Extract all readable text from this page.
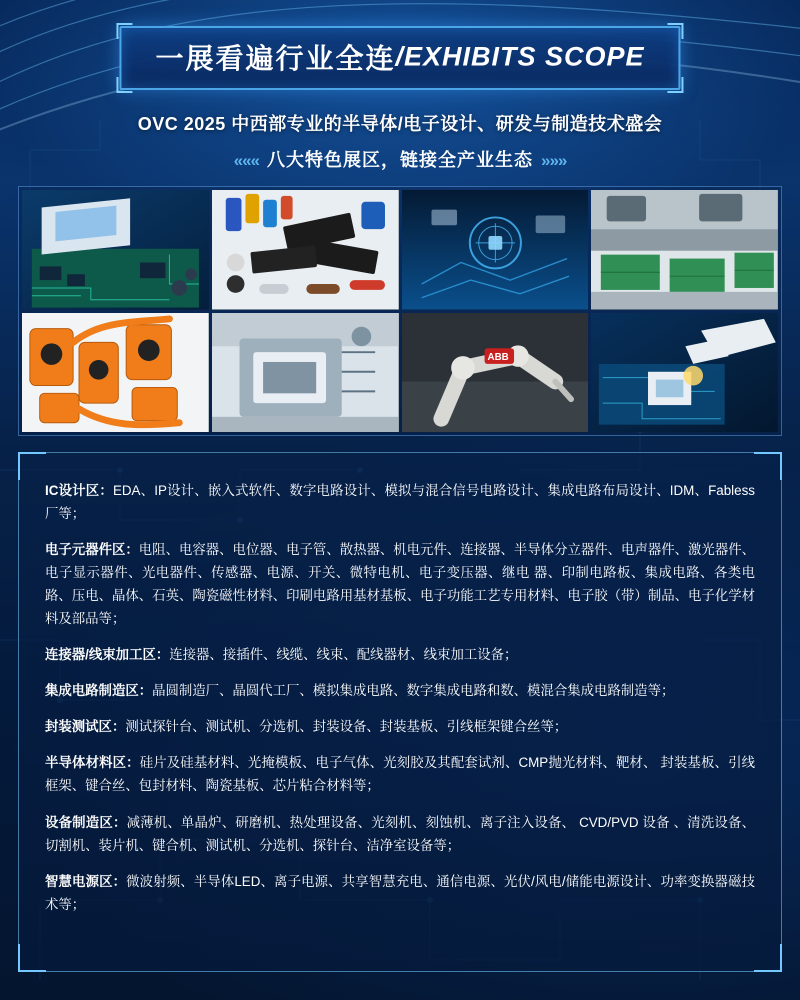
一展看遍行业全连/EXHIBITS SCOPE
OVC 2025 中西部专业的半导体/电子设计、研发与制造技术盛会
««« 八大特色展区，链接全产业生态 »»»
ABB
IC设计区：EDA、IP设计、嵌入式软件、数字电路设计、模拟与混合信号电路设计、集成电路布局设计、IDM、Fabless厂等；
电子元器件区：电阻、电容器、电位器、电子管、散热器、机电元件、连接器、半导体分立器件、电声器件、激光器件、电子显示器件、光电器件、传感器、电源、开关、微特电机、电子变压器、继电 器、印制电路板、集成电路、各类电路、压电、晶体、石英、陶瓷磁性材料、印刷电路用基材基板、电子功能工艺专用材料、电子胶（带）制品、电子化学材料及部品等；
连接器/线束加工区：连接器、接插件、线缆、线束、配线器材、线束加工设备；
集成电路制造区：晶圆制造厂、晶圆代工厂、模拟集成电路、数字集成电路和数、模混合集成电路制造等；
封装测试区：测试探针台、测试机、分选机、封装设备、封装基板、引线框架键合丝等；
半导体材料区：硅片及硅基材料、光掩模板、电子气体、光刻胶及其配套试剂、CMP抛光材料、靶材、 封装基板、引线框架、键合丝、包封材料、陶瓷基板、芯片粘合材料等；
设备制造区：减薄机、单晶炉、研磨机、热处理设备、光刻机、刻蚀机、离子注入设备、 CVD/PVD 设备 、清洗设备、切割机、装片机、键合机、测试机、分选机、探针台、洁净室设备等；
智慧电源区：微波射频、半导体LED、离子电源、共享智慧充电、通信电源、光伏/风电/储能电源设计、功率变换器磁技术等；
